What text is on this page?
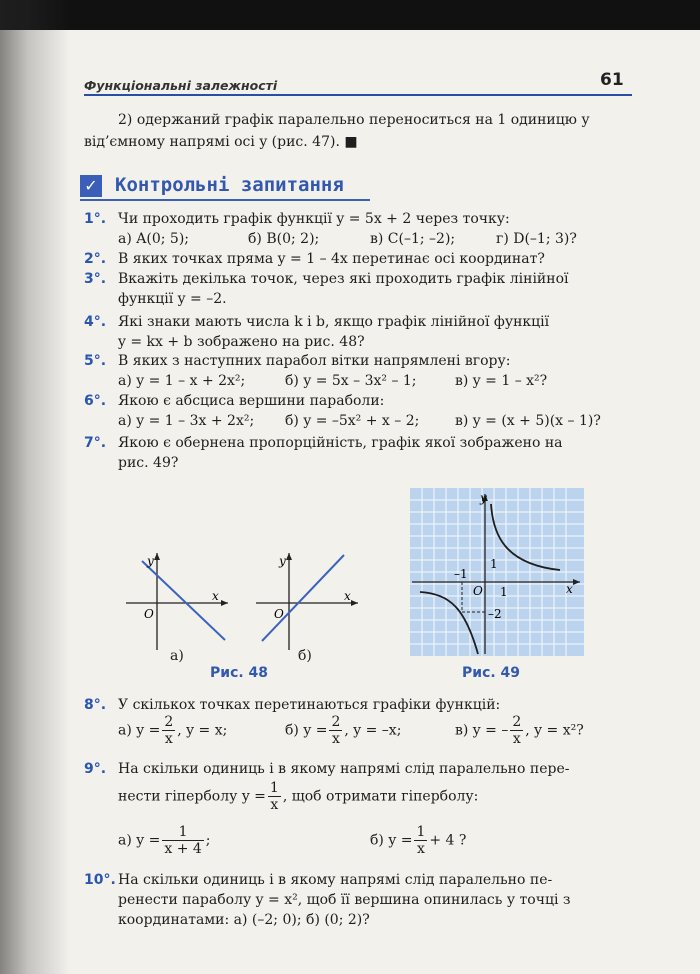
Функціональні залежності	61
2) одержаний графік паралельно переноситься на 1 одиницю у
від’ємному напрямі осі y (рис. 47). ■
✓ Контрольні запитання
1°. Чи проходить графік функції y = 5x + 2 через точку:
а) A(0; 5);	б) B(0; 2);	в) C(–1; –2);	г) D(–1; 3)?
2°. В яких точках пряма y = 1 – 4x перетинає осі координат?
3°. Вкажіть декілька точок, через які проходить графік лінійної
функції y = –2.
4°. Які знаки мають числа k і b, якщо графік лінійної функції
y = kx + b зображено на рис. 48?
5°. В яких з наступних парабол вітки напрямлені вгору:
а) y = 1 – x + 2x²;	б) y = 5x – 3x² – 1;	в) y = 1 – x²?
6°. Якою є абсциса вершини параболи:
а) y = 1 – 3x + 2x²; б) y = –5x² + x – 2;	в) y = (x + 5)(x – 1)?
7°. Якою є обернена пропорційність, графік якої зображено на
рис. 49?
y
x
O
а)
y
x
O
б)
Рис. 48
y
x
O
1
1
–1
–2
Рис. 49
8°. У скількох точках перетинаються графіки функцій:
а) $y = \frac{2}{x}$ , y = x;	б) $y = \frac{2}{x}$ , y = –x;	в) y = – $\frac{2}{x}$ , y = x²?
9°. На скільки одиниць і в якому напрямі слід паралельно пере-
нести гіперболу $y = \frac{1}{x}$ , щоб отримати гіперболу:
а) $y = \frac{1}{x + 4}$ ;	б) $y = \frac{1}{x} + 4$ ?
10°. На скільки одиниць і в якому напрямі слід паралельно пе-
ренести параболу y = x², щоб її вершина опинилась у точці з
координатами: а) (–2; 0); б) (0; 2)?
